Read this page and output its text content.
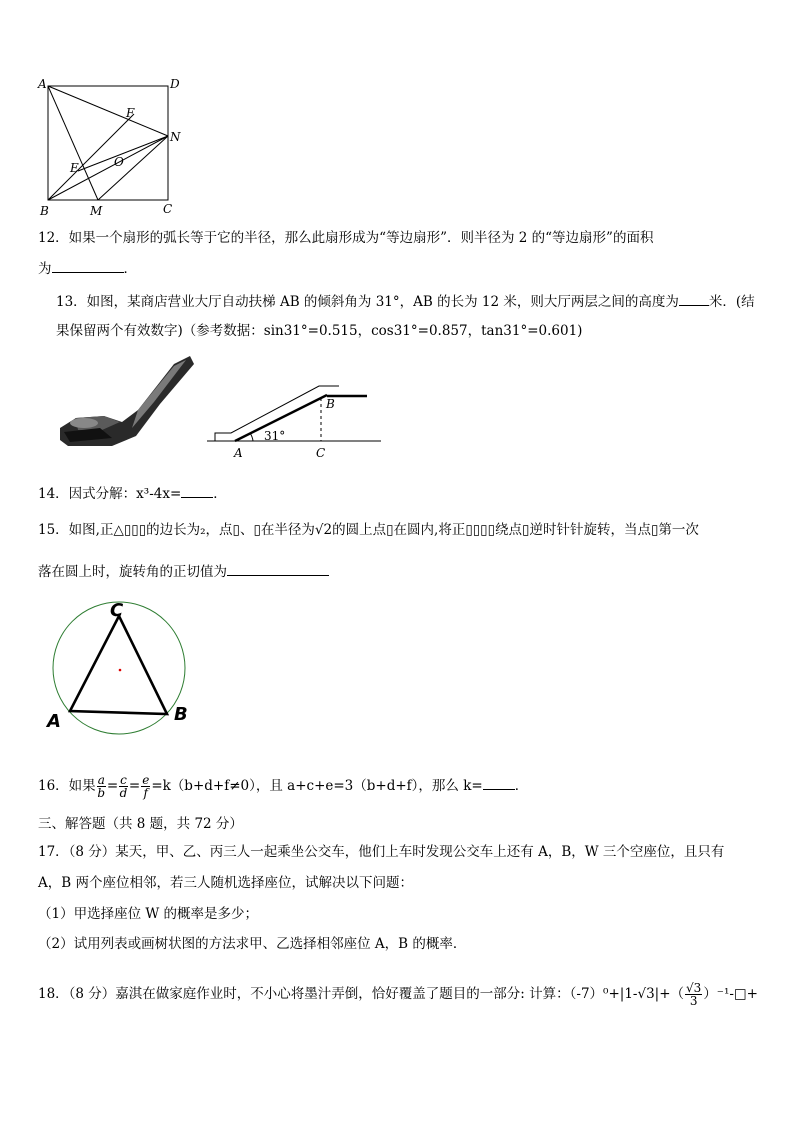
A	D
F
N
E	O
B	M	C
12．如果一个扇形的弧长等于它的半径，那么此扇形成为“等边扇形”．则半径为 2 的“等边扇形”的面积
为	．
13．如图，某商店营业大厅自动扶梯 AB 的倾斜角为 31°，AB 的长为 12 米，则大厅两层之间的高度为 米．(结
果保留两个有效数字)（参考数据：sin31°=0.515，cos31°=0.857，tan31°=0.601)
B
31°
A	C
14．因式分解：x³-4x= ．
15．如图,正△▯▯▯的边长为₂，点▯、▯在半径为√2的圆上点▯在圆内,将正▯▯▯▯绕点▯逆时针针旋转，当点▯第一次
落在圆上时，旋转角的正切值为
C
A	B
16．如果 $\frac{a}{b} = \frac{c}{d} = \frac{e}{f} =k(b+d+f\ne 0)$，且 a+c+e=3（b+d+f），那么 k= ．
三、解答题（共 8 题，共 72 分）
17．（8 分）某天，甲、乙、丙三人一起乘坐公交车，他们上车时发现公交车上还有 A，B，W 三个空座位，且只有
A，B 两个座位相邻，若三人随机选择座位，试解决以下问题：
（1）甲选择座位 W 的概率是多少；
（2）试用列表或画树状图的方法求甲、乙选择相邻座位 A，B 的概率．
18．（8 分）嘉淇在做家庭作业时，不小心将墨汁弄倒，恰好覆盖了题目的一部分: 计算：$(-7)^0+|1-√3|+( \frac{√3}{3}$ ）⁻¹-□+
